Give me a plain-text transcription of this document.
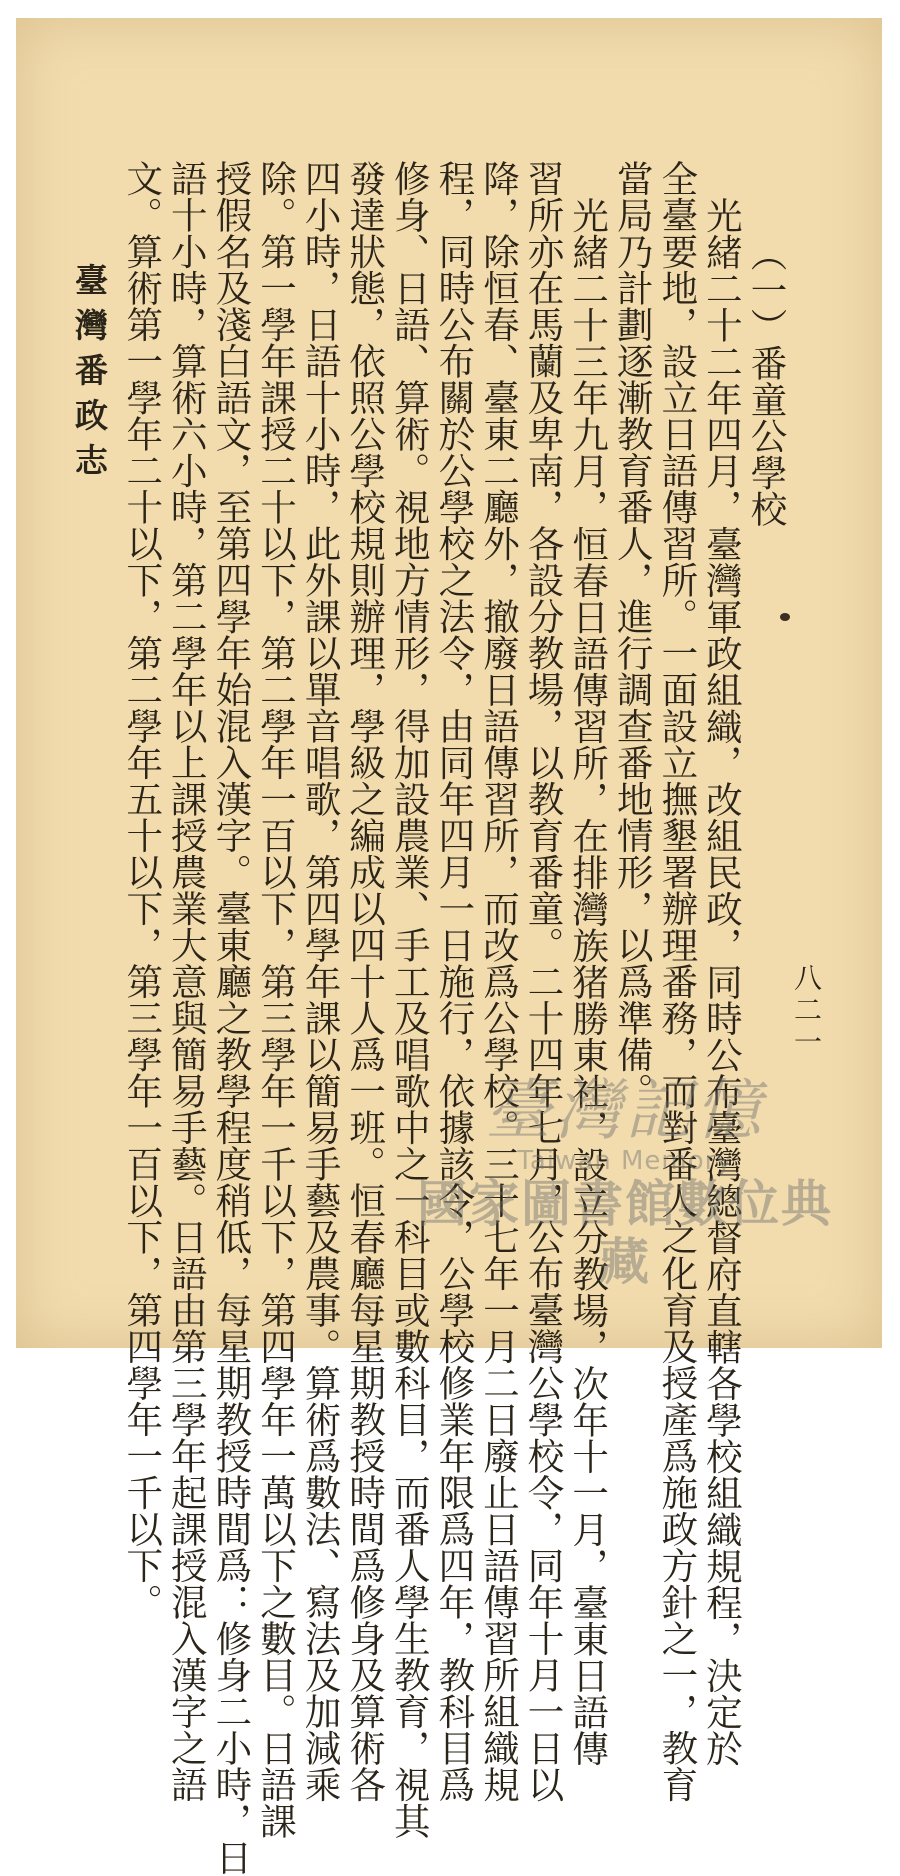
（一）番童公學校

光緒二十二年四月，臺灣軍政組織，改組民政，同時公布臺灣總督府直轄各學校組織規程，決定於

全臺要地，設立日語傳習所。一面設立撫墾署辦理番務，而對番人之化育及授產爲施政方針之一，教育

當局乃計劃逐漸教育番人，進行調查番地情形，以爲準備。

光緒二十三年九月，恒春日語傳習所，在排灣族猪勝東社，設立分教場，次年十一月，臺東日語傳

習所亦在馬蘭及卑南，各設分教場，以教育番童。二十四年七月，公布臺灣公學校令，同年十月一日以

降，除恒春、臺東二廳外，撤廢日語傳習所，而改爲公學校。三十七年一月二日廢止日語傳習所組織規

程，同時公布關於公學校之法令，由同年四月一日施行，依據該令，公學校修業年限爲四年，教科目爲

修身、日語、算術。視地方情形，得加設農業、手工及唱歌中之一科目或數科目，而番人學生教育，視其

發達狀態，依照公學校規則辦理，學級之編成以四十人爲一班。恒春廳每星期教授時間爲修身及算術各

四小時，日語十小時，此外課以單音唱歌，第四學年課以簡易手藝及農事。算術爲數法、寫法及加減乘

除。第一學年課授二十以下，第二學年一百以下，第三學年一千以下，第四學年一萬以下之數目。日語課

授假名及淺白語文，至第四學年始混入漢字。臺東廳之教學程度稍低，每星期教授時間爲：修身二小時，日

語十小時，算術六小時，第二學年以上課授農業大意與簡易手藝。日語由第三學年起課授混入漢字之語

文。算術第一學年二十以下，第二學年五十以下，第三學年一百以下，第四學年一千以下。

臺灣番政志
八二一
臺灣記憶
Taiwan Memory
國家圖書館數位典藏
